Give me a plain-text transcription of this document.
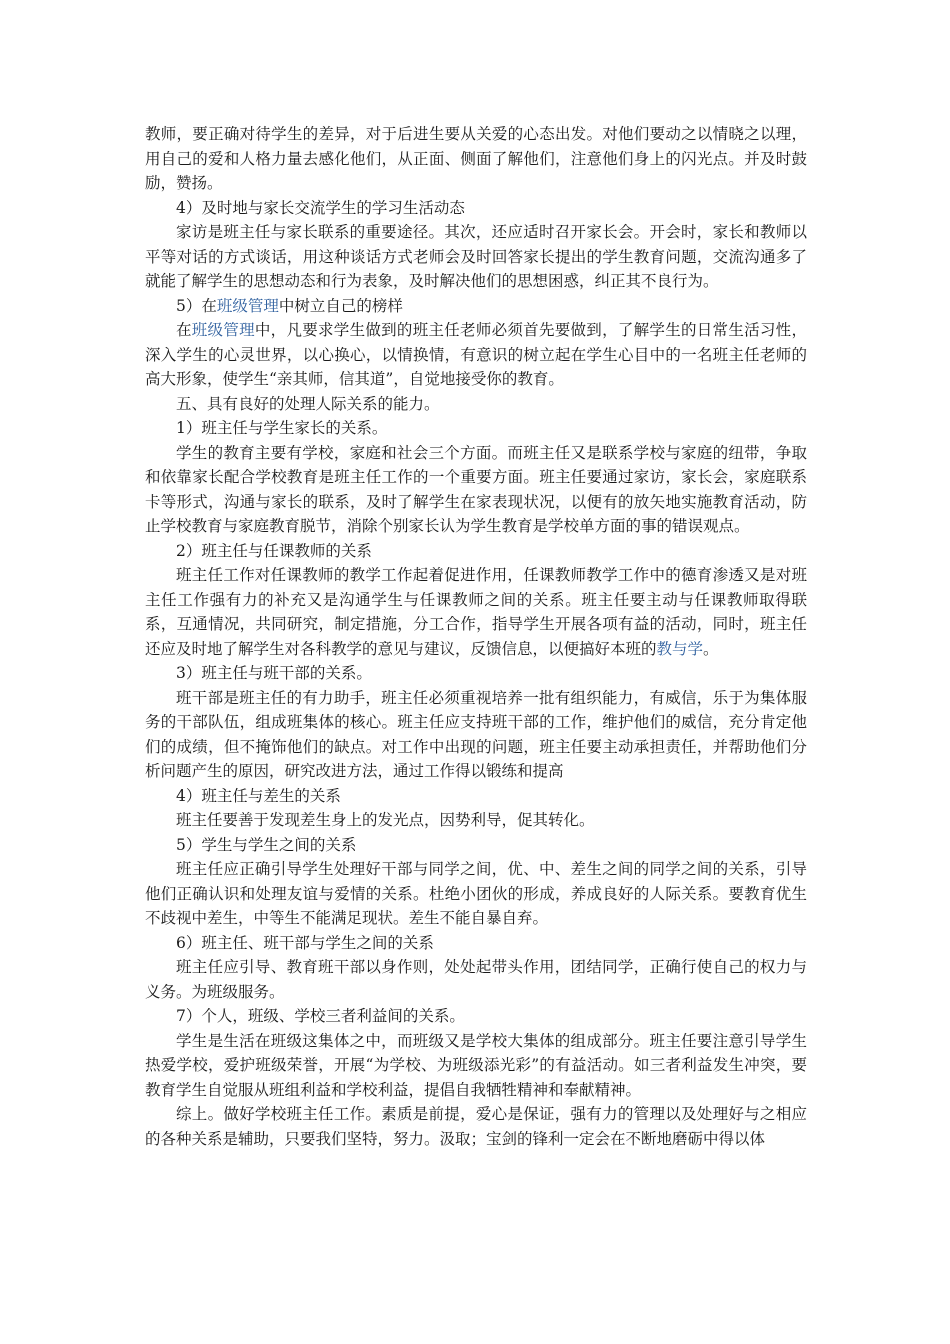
教师，要正确对待学生的差异，对于后进生要从关爱的心态出发。对他们要动之以情晓之以理，用自己的爱和人格力量去感化他们，从正面、侧面了解他们，注意他们身上的闪光点。并及时鼓励，赞扬。

4）及时地与家长交流学生的学习生活动态

家访是班主任与家长联系的重要途径。其次，还应适时召开家长会。开会时，家长和教师以平等对话的方式谈话，用这种谈话方式老师会及时回答家长提出的学生教育问题，交流沟通多了就能了解学生的思想动态和行为表象，及时解决他们的思想困惑，纠正其不良行为。

5）在班级管理中树立自己的榜样

在班级管理中，凡要求学生做到的班主任老师必须首先要做到，了解学生的日常生活习性，深入学生的心灵世界，以心换心，以情换情，有意识的树立起在学生心目中的一名班主任老师的高大形象，使学生“亲其师，信其道”，自觉地接受你的教育。

五、具有良好的处理人际关系的能力。

1）班主任与学生家长的关系。

学生的教育主要有学校，家庭和社会三个方面。而班主任又是联系学校与家庭的纽带，争取和依靠家长配合学校教育是班主任工作的一个重要方面。班主任要通过家访，家长会，家庭联系卡等形式，沟通与家长的联系，及时了解学生在家表现状况，以便有的放矢地实施教育活动，防止学校教育与家庭教育脱节，消除个别家长认为学生教育是学校单方面的事的错误观点。

2）班主任与任课教师的关系

班主任工作对任课教师的教学工作起着促进作用，任课教师教学工作中的德育渗透又是对班主任工作强有力的补充又是沟通学生与任课教师之间的关系。班主任要主动与任课教师取得联系，互通情况，共同研究，制定措施，分工合作，指导学生开展各项有益的活动，同时，班主任还应及时地了解学生对各科教学的意见与建议，反馈信息，以便搞好本班的教与学。

3）班主任与班干部的关系。

班干部是班主任的有力助手，班主任必须重视培养一批有组织能力，有威信，乐于为集体服务的干部队伍，组成班集体的核心。班主任应支持班干部的工作，维护他们的威信，充分肯定他们的成绩，但不掩饰他们的缺点。对工作中出现的问题，班主任要主动承担责任，并帮助他们分析问题产生的原因，研究改进方法，通过工作得以锻练和提高

4）班主任与差生的关系

班主任要善于发现差生身上的发光点，因势利导，促其转化。

5）学生与学生之间的关系

班主任应正确引导学生处理好干部与同学之间，优、中、差生之间的同学之间的关系，引导他们正确认识和处理友谊与爱情的关系。杜绝小团伙的形成，养成良好的人际关系。要教育优生不歧视中差生，中等生不能满足现状。差生不能自暴自弃。

6）班主任、班干部与学生之间的关系

班主任应引导、教育班干部以身作则，处处起带头作用，团结同学，正确行使自己的权力与义务。为班级服务。

7）个人，班级、学校三者利益间的关系。

学生是生活在班级这集体之中，而班级又是学校大集体的组成部分。班主任要注意引导学生热爱学校，爱护班级荣誉，开展“为学校、为班级添光彩”的有益活动。如三者利益发生冲突，要教育学生自觉服从班组利益和学校利益，提倡自我牺牲精神和奉献精神。

综上。做好学校班主任工作。素质是前提，爱心是保证，强有力的管理以及处理好与之相应的各种关系是辅助，只要我们坚特，努力。汲取；宝剑的锋利一定会在不断地磨砺中得以体
